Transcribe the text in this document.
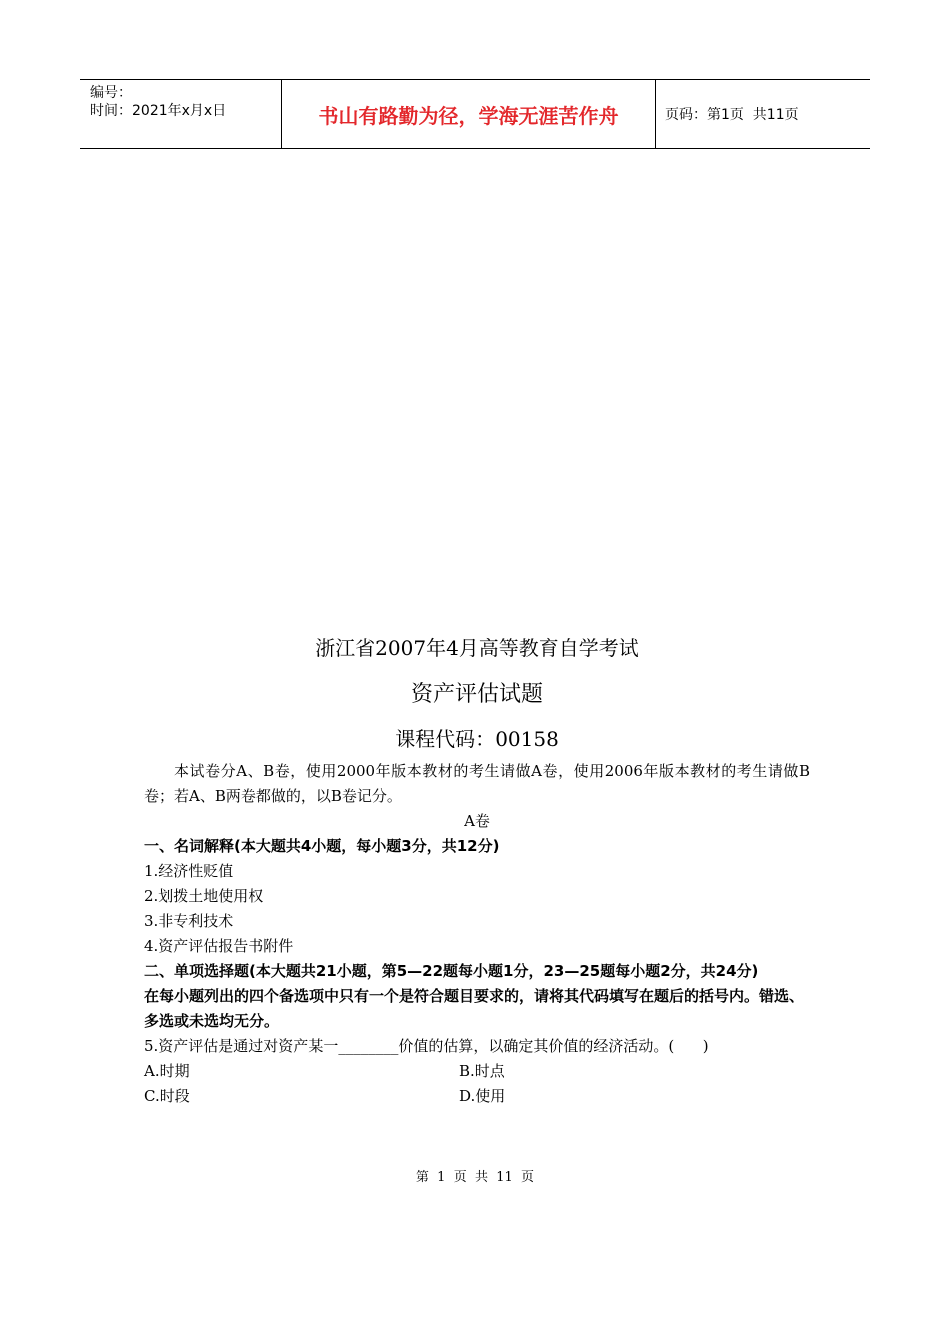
编号：
时间：2021年x月x日	书山有路勤为径，学海无涯苦作舟	页码：第1页  共11页
浙江省2007年4月高等教育自学考试
资产评估试题
课程代码：00158
本试卷分A、B卷，使用2000年版本教材的考生请做A卷，使用2006年版本教材的考生请做B卷；若A、B两卷都做的，以B卷记分。
A卷
一、名词解释(本大题共4小题，每小题3分，共12分)
1.经济性贬值
2.划拨土地使用权
3.非专利技术
4.资产评估报告书附件
二、单项选择题(本大题共21小题，第5—22题每小题1分，23—25题每小题2分，共24分)
在每小题列出的四个备选项中只有一个是符合题目要求的，请将其代码填写在题后的括号内。错选、多选或未选均无分。
5.资产评估是通过对资产某一________价值的估算，以确定其价值的经济活动。(      )
A.时期	B.时点
C.时段	D.使用
第  1  页  共  11  页
